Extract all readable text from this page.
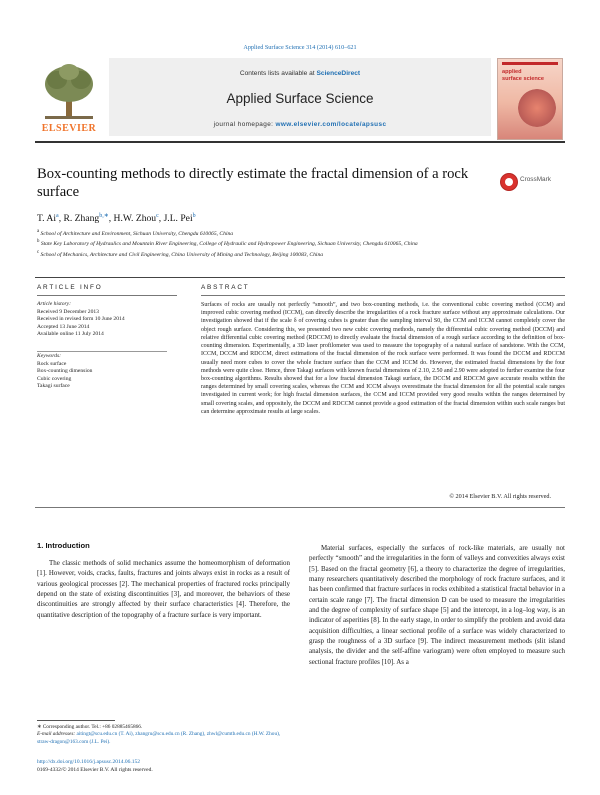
Applied Surface Science 314 (2014) 610–621
ELSEVIER
Contents lists available at ScienceDirect
Applied Surface Science
journal homepage: www.elsevier.com/locate/apsusc
applied
surface science
Box-counting methods to directly estimate the fractal dimension of a rock surface
CrossMark
T. Ai$^a$, R. Zhang$^{b,∗}$, H.W. Zhou$^c$, J.L. Pei$^b$
$^a$ School of Architecture and Environment, Sichuan University, Chengdu 610065, China
$^b$ State Key Laboratory of Hydraulics and Mountain River Engineering, College of Hydraulic and Hydropower Engineering, Sichuan University, Chengdu 610065, China
$^c$ School of Mechanics, Architecture and Civil Engineering, China University of Mining and Technology, Beijing 100083, China
ARTICLE INFO	ABSTRACT
Article history:
Received 9 December 2013
Received in revised form 10 June 2014
Accepted 13 June 2014
Available online 11 July 2014
Keywords:
Rock surface
Box-counting dimension
Cubic covering
Takagi surface
Surfaces of rocks are usually not perfectly “smooth”, and two box-counting methods, i.e. the conventional cubic covering method (CCM) and improved cubic covering method (ICCM), can directly describe the irregularities of a rock fracture surface without any approximate calculations. Our investigation showed that if the scale δ of covering cubes is greater than the sampling interval S0, the CCM and ICCM cannot completely cover the object rough surface. Considering this, we presented two new cubic covering methods, namely the differential cubic covering method (DCCM) and relative differential cubic covering method (RDCCM) to directly evaluate the fractal dimension of a rough surface according to the definition of box-counting dimension. Experimentally, a 3D laser profilometer was used to measure the topography of a natural surface of sandstone. With the CCM, ICCM, DCCM and RDCCM, direct estimations of the fractal dimension of the rock surface were performed. It was found the DCCM and RDCCM usually need more cubes to cover the whole fracture surface than the CCM and ICCM do. However, the estimated fractal dimensions by the four methods were quite close. Hence, three Takagi surfaces with known fractal dimensions of 2.10, 2.50 and 2.90 were adopted to further examine the four box-counting algorithms. Results showed that for a low fractal dimension Takagi surface, the DCCM and RDCCM gave accurate results within the ranges determined by small covering scales, whereas the CCM and ICCM always overestimate the fractal dimension for all the potential scale ranges investigated in current work; for high fractal dimension surfaces, the CCM and ICCM provided very good results within the ranges determined by small covering scales, and oppositely, the DCCM and RDCCM cannot provide a good estimation of the fractal dimension within such scale ranges but can determine approximate results at large scales.
© 2014 Elsevier B.V. All rights reserved.
1. Introduction

The classic methods of solid mechanics assume the homeomorphism of deformation [1]. However, voids, cracks, faults, fractures and joints always exist in rocks as a result of various geological processes [2]. The mechanical properties of fractured rocks principally depend on the state of existing discontinuities [3], and moreover, the behaviors of these discontinuities are strongly affected by their surface characteristics [4]. Therefore, the quantitative description of the topography of a fracture surface is very important.

Material surfaces, especially the surfaces of rock-like materials, are usually not perfectly “smooth” and the irregularities in the form of valleys and convexities always exist [5]. Based on the fractal geometry [6], a theory to characterize the degree of irregularities, many researchers quantitatively described the morphology of rock fracture surfaces, and it has been confirmed that fracture surfaces in rocks exhibited a statistical fractal behavior in a certain scale range [7]. The fractal dimension D can be used to measure the irregularities and the degree of complexity of surface shape [5] and the intercept, in a log–log way, is an indicator of asperities [8]. In the early stage, in order to simplify the problem and avoid data acquisition difficulties, a linear sectional profile of a surface was widely characterized to grasp the roughness of a 3D surface [9]. The indirect measurement methods (slit island analysis, the divider and the self-affine variogram) were often employed to measure such sectional fracture profiles [10]. As a

∗ Corresponding author. Tel.: +86 02885465866.
E-mail addresses: aitingt@scu.edu.cn (T. Ai), zhangru@scu.edu.cn (R. Zhang), zhwl@cumtb.edu.cn (H.W. Zhou), straw-dragon@163.com (J.L. Pei).
http://dx.doi.org/10.1016/j.apsusc.2014.06.152
0169-4332/© 2014 Elsevier B.V. All rights reserved.
